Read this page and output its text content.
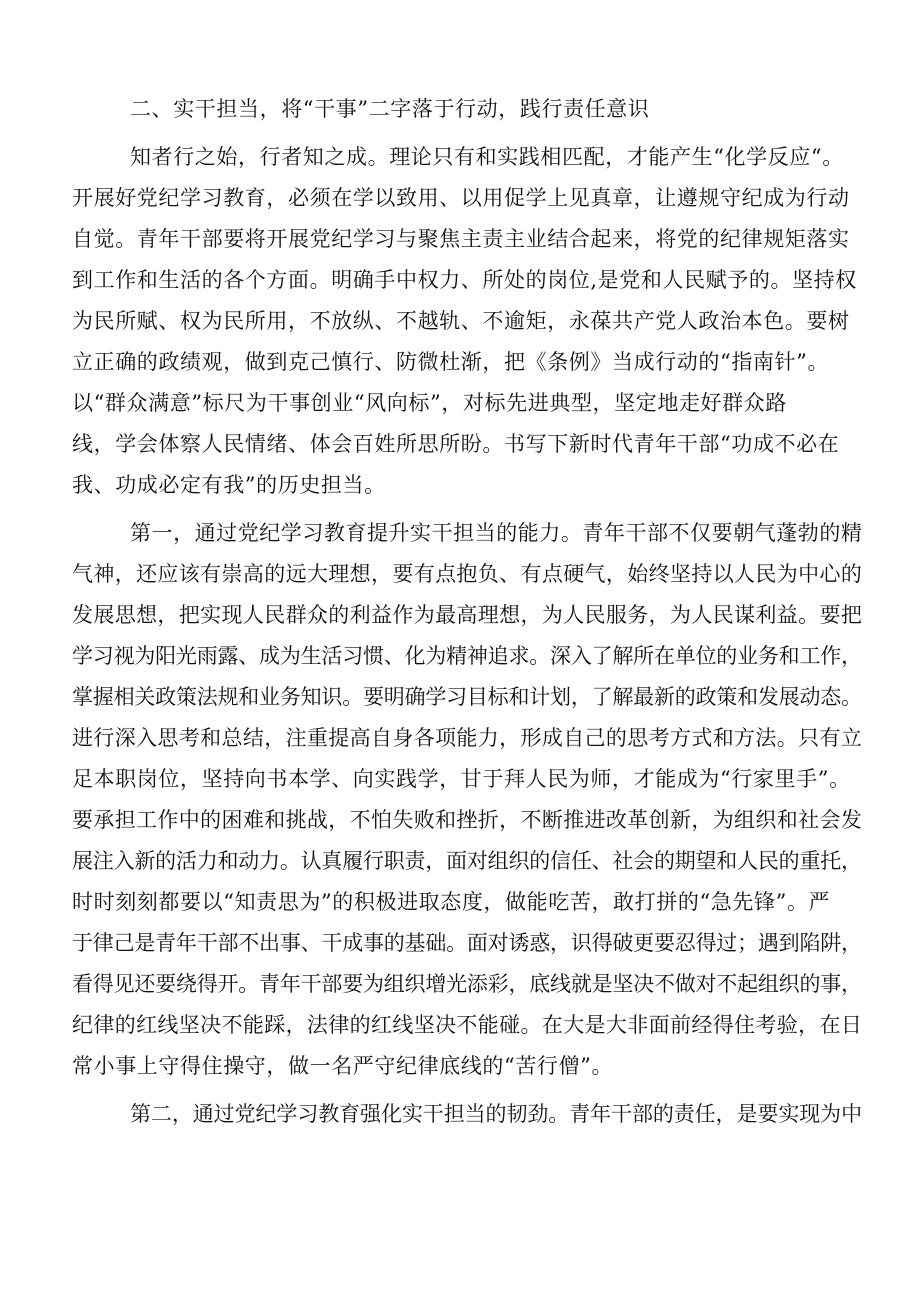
二、实干担当，将“干事”二字落于行动，践行责任意识
知者行之始，行者知之成。理论只有和实践相匹配，才能产生“化学反应“。
开展好党纪学习教育，必须在学以致用、以用促学上见真章，让遵规守纪成为行动
自觉。青年干部要将开展党纪学习与聚焦主责主业结合起来，将党的纪律规矩落实
到工作和生活的各个方面。明确手中权力、所处的岗位,是党和人民赋予的。坚持权
为民所赋、权为民所用，不放纵、不越轨、不逾矩，永葆共产党人政治本色。要树
立正确的政绩观，做到克己慎行、防微杜渐，把《条例》当成行动的“指南针”。
以“群众满意”标尺为干事创业“风向标”，对标先进典型，坚定地走好群众路
线，学会体察人民情绪、体会百姓所思所盼。书写下新时代青年干部“功成不必在
我、功成必定有我”的历史担当。
第一，通过党纪学习教育提升实干担当的能力。青年干部不仅要朝气蓬勃的精
气神，还应该有崇高的远大理想，要有点抱负、有点硬气，始终坚持以人民为中心的
发展思想，把实现人民群众的利益作为最高理想，为人民服务，为人民谋利益。要把
学习视为阳光雨露、成为生活习惯、化为精神追求。深入了解所在单位的业务和工作，
掌握相关政策法规和业务知识。要明确学习目标和计划，了解最新的政策和发展动态。
进行深入思考和总结，注重提高自身各项能力，形成自己的思考方式和方法。只有立
足本职岗位，坚持向书本学、向实践学，甘于拜人民为师，才能成为“行家里手”。
要承担工作中的困难和挑战，不怕失败和挫折，不断推进改革创新，为组织和社会发
展注入新的活力和动力。认真履行职责，面对组织的信任、社会的期望和人民的重托，
时时刻刻都要以“知责思为”的积极进取态度，做能吃苦，敢打拼的“急先锋”。严
于律己是青年干部不出事、干成事的基础。面对诱惑，识得破更要忍得过；遇到陷阱，
看得见还要绕得开。青年干部要为组织增光添彩，底线就是坚决不做对不起组织的事，
纪律的红线坚决不能踩，法律的红线坚决不能碰。在大是大非面前经得住考验，在日
常小事上守得住操守，做一名严守纪律底线的“苦行僧”。
第二，通过党纪学习教育强化实干担当的韧劲。青年干部的责任，是要实现为中
